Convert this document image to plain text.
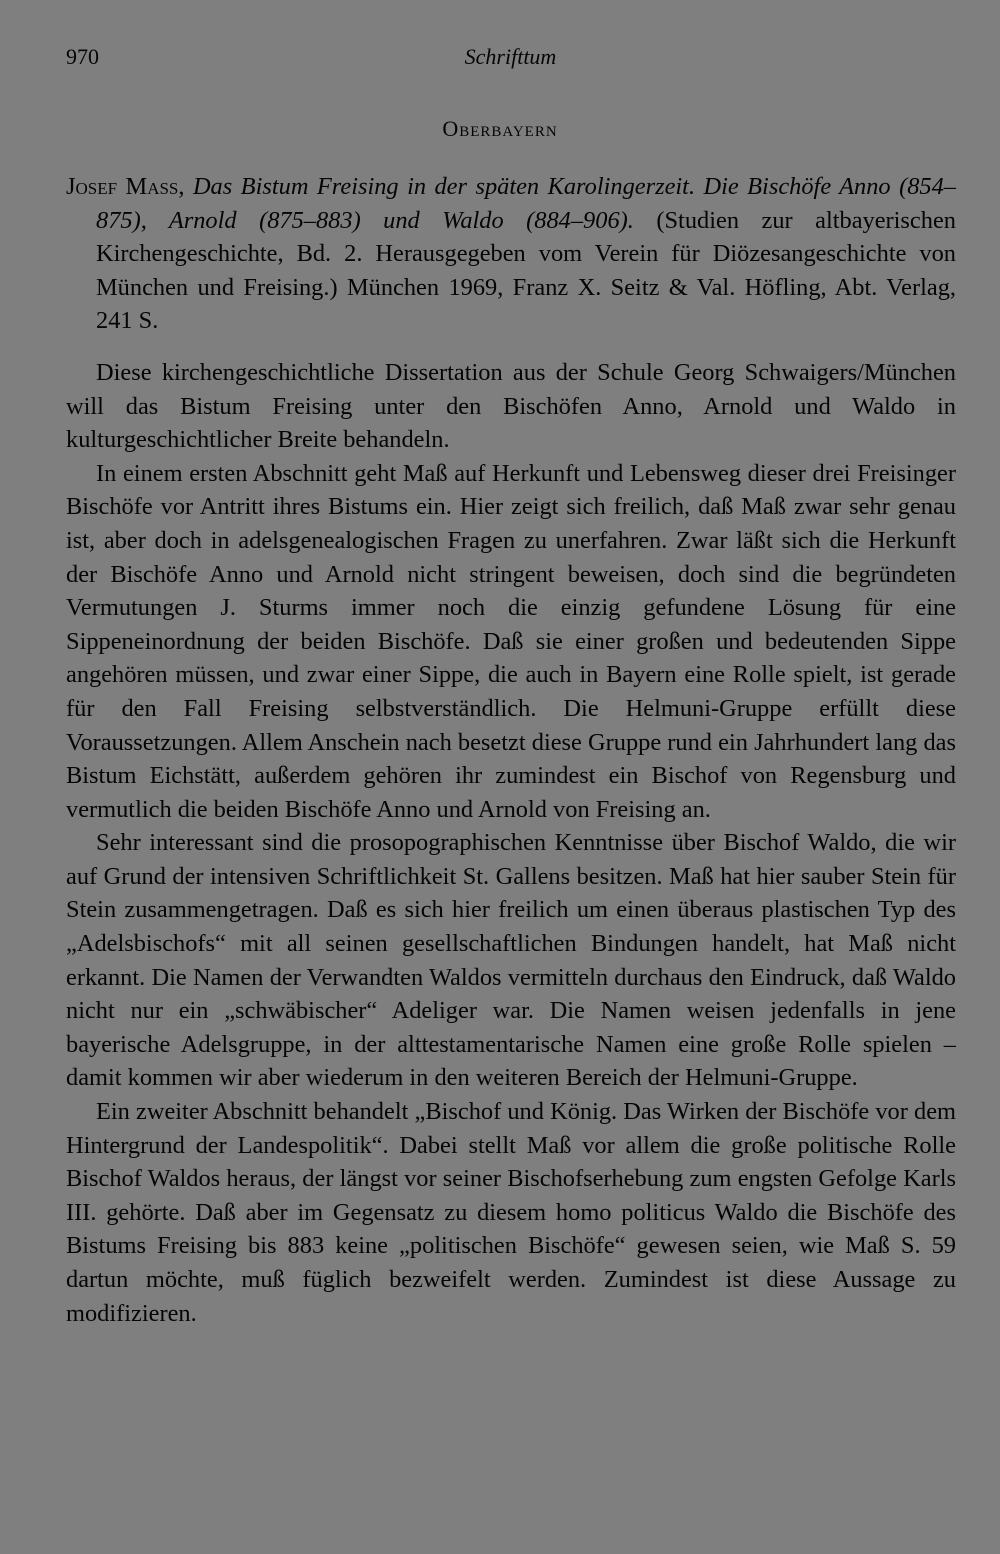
970	Schrifttum
Oberbayern

Josef Mass, Das Bistum Freising in der späten Karolingerzeit. Die Bischöfe Anno (854–875), Arnold (875–883) und Waldo (884–906). (Studien zur altbayerischen Kirchengeschichte, Bd. 2. Herausgegeben vom Verein für Diözesangeschichte von München und Freising.) München 1969, Franz X. Seitz & Val. Höfling, Abt. Verlag, 241 S.

Diese kirchengeschichtliche Dissertation aus der Schule Georg Schwaigers/München will das Bistum Freising unter den Bischöfen Anno, Arnold und Waldo in kulturgeschichtlicher Breite behandeln.

In einem ersten Abschnitt geht Maß auf Herkunft und Lebensweg dieser drei Freisinger Bischöfe vor Antritt ihres Bistums ein. Hier zeigt sich freilich, daß Maß zwar sehr genau ist, aber doch in adelsgenealogischen Fragen zu unerfahren. Zwar läßt sich die Herkunft der Bischöfe Anno und Arnold nicht stringent beweisen, doch sind die begründeten Vermutungen J. Sturms immer noch die einzig gefundene Lösung für eine Sippeneinordnung der beiden Bischöfe. Daß sie einer großen und bedeutenden Sippe angehören müssen, und zwar einer Sippe, die auch in Bayern eine Rolle spielt, ist gerade für den Fall Freising selbstverständlich. Die Helmuni-Gruppe erfüllt diese Voraussetzungen. Allem Anschein nach besetzt diese Gruppe rund ein Jahrhundert lang das Bistum Eichstätt, außerdem gehören ihr zumindest ein Bischof von Regensburg und vermutlich die beiden Bischöfe Anno und Arnold von Freising an.

Sehr interessant sind die prosopographischen Kenntnisse über Bischof Waldo, die wir auf Grund der intensiven Schriftlichkeit St. Gallens besitzen. Maß hat hier sauber Stein für Stein zusammengetragen. Daß es sich hier freilich um einen überaus plastischen Typ des „Adelsbischofs“ mit all seinen gesellschaftlichen Bindungen handelt, hat Maß nicht erkannt. Die Namen der Verwandten Waldos vermitteln durchaus den Eindruck, daß Waldo nicht nur ein „schwäbischer“ Adeliger war. Die Namen weisen jedenfalls in jene bayerische Adelsgruppe, in der alttestamentarische Namen eine große Rolle spielen – damit kommen wir aber wiederum in den weiteren Bereich der Helmuni-Gruppe.

Ein zweiter Abschnitt behandelt „Bischof und König. Das Wirken der Bischöfe vor dem Hintergrund der Landespolitik“. Dabei stellt Maß vor allem die große politische Rolle Bischof Waldos heraus, der längst vor seiner Bischofserhebung zum engsten Gefolge Karls III. gehörte. Daß aber im Gegensatz zu diesem homo politicus Waldo die Bischöfe des Bistums Freising bis 883 keine „politischen Bischöfe“ gewesen seien, wie Maß S. 59 dartun möchte, muß füglich bezweifelt werden. Zumindest ist diese Aussage zu modifizieren.
